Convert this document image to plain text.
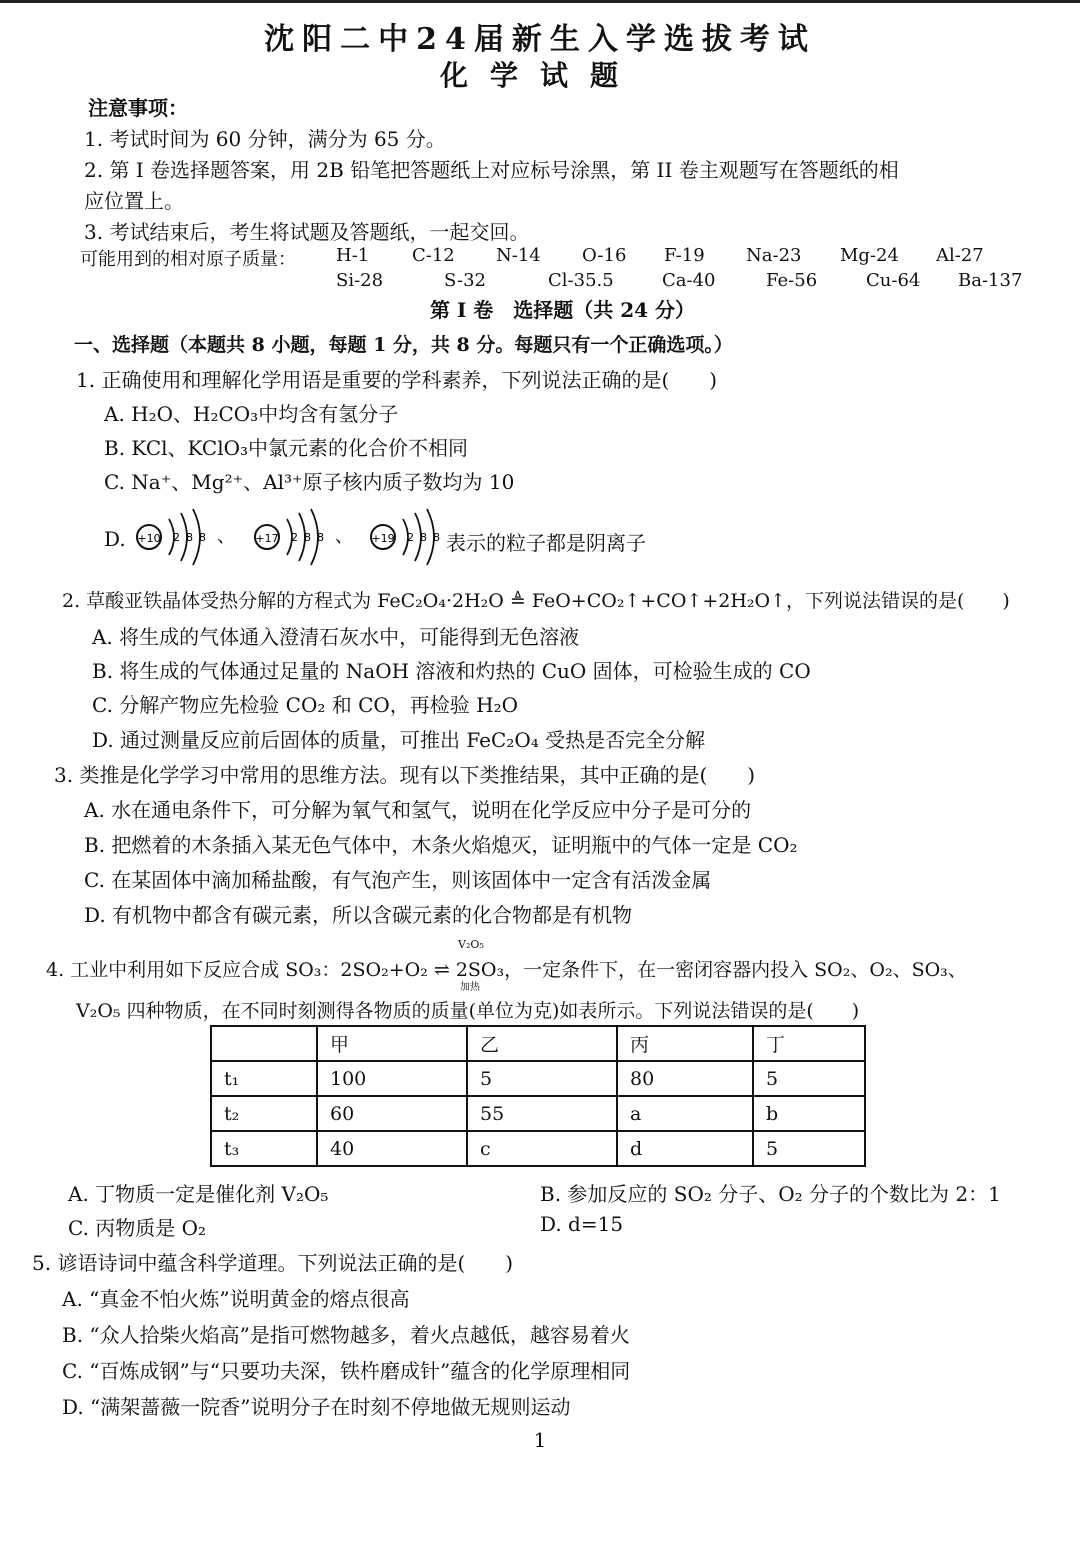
沈阳二中24届新生入学选拔考试
化学试题
注意事项：
1. 考试时间为 60 分钟，满分为 65 分。
2. 第 I 卷选择题答案，用 2B 铅笔把答题纸上对应标号涂黑，第 II 卷主观题写在答题纸的相
应位置上。
3. 考试结束后，考生将试题及答题纸，一起交回。
可能用到的相对原子质量： H-1 C-12 N-14 O-16 F-19 Na-23 Mg-24 Al-27
Si-28	S-32	Cl-35.5	Ca-40	Fe-56	Cu-64 Ba-137
第 I 卷　选择题（共 24 分）
一、选择题（本题共 8 小题，每题 1 分，共 8 分。每题只有一个正确选项。）
1. 正确使用和理解化学用语是重要的学科素养，下列说法正确的是(　　)
A. H₂O、H₂CO₃中均含有氢分子
B. KCl、KClO₃中氯元素的化合价不相同
C. Na⁺、Mg²⁺、Al³⁺原子核内质子数均为 10
D. +10 2 8 8 、 +17 2 8 8 、 +19 2 8 8 表示的粒子都是阴离子
2. 草酸亚铁晶体受热分解的方程式为 FeC₂O₄·2H₂O ≜ FeO+CO₂↑+CO↑+2H₂O↑，下列说法错误的是(　　)
A. 将生成的气体通入澄清石灰水中，可能得到无色溶液
B. 将生成的气体通过足量的 NaOH 溶液和灼热的 CuO 固体，可检验生成的 CO
C. 分解产物应先检验 CO₂ 和 CO，再检验 H₂O
D. 通过测量反应前后固体的质量，可推出 FeC₂O₄ 受热是否完全分解
3. 类推是化学学习中常用的思维方法。现有以下类推结果，其中正确的是(　　)
A. 水在通电条件下，可分解为氧气和氢气，说明在化学反应中分子是可分的
B. 把燃着的木条插入某无色气体中，木条火焰熄灭，证明瓶中的气体一定是 CO₂
C. 在某固体中滴加稀盐酸，有气泡产生，则该固体中一定含有活泼金属
D. 有机物中都含有碳元素，所以含碳元素的化合物都是有机物
V₂O₅
4. 工业中利用如下反应合成 SO₃：2SO₂+O₂ ⇌ 2SO₃，一定条件下，在一密闭容器内投入 SO₂、O₂、SO₃、
加热
V₂O₅ 四种物质，在不同时刻测得各物质的质量(单位为克)如表所示。下列说法错误的是(　　)
	甲	乙	丙	丁
t₁	100	5	80	5
t₂	60	55	a	b
t₃	40	c	d	5
A. 丁物质一定是催化剂 V₂O₅	B. 参加反应的 SO₂ 分子、O₂ 分子的个数比为 2：1
C. 丙物质是 O₂	D. d=15
5. 谚语诗词中蕴含科学道理。下列说法正确的是(　　)
A. “真金不怕火炼”说明黄金的熔点很高
B. “众人拾柴火焰高”是指可燃物越多，着火点越低，越容易着火
C. “百炼成钢”与“只要功夫深，铁杵磨成针”蕴含的化学原理相同
D. “满架蔷薇一院香”说明分子在时刻不停地做无规则运动
1
